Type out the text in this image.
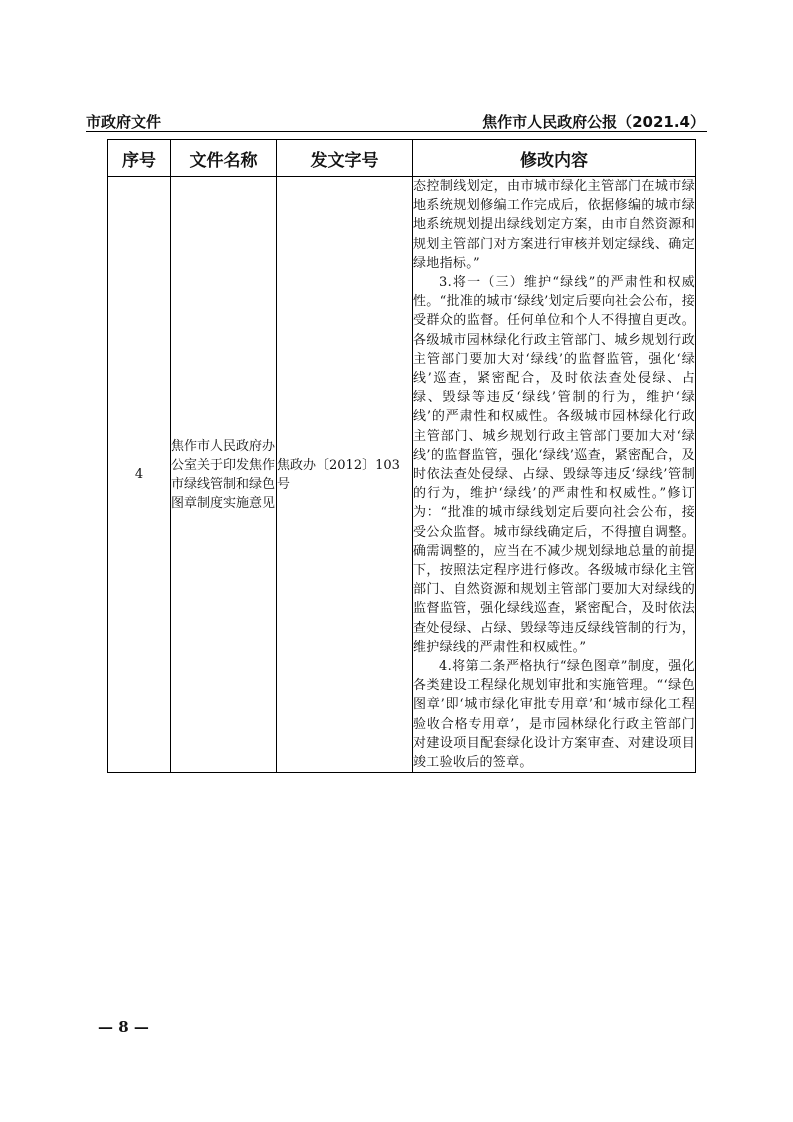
市政府文件	焦作市人民政府公报（2021.4）
序号	文件名称	发文字号	修改内容
4	焦作市人民政府办公室关于印发焦作市绿线管制和绿色图章制度实施意见	焦政办〔2012〕103号	态控制线划定，由市城市绿化主管部门在城市绿地系统规划修编工作完成后，依据修编的城市绿地系统规划提出绿线划定方案，由市自然资源和规划主管部门对方案进行审核并划定绿线、确定绿地指标。”

3.将一（三）维护“绿线”的严肃性和权威性。“批准的城市‘绿线’划定后要向社会公布，接受群众的监督。任何单位和个人不得擅自更改。各级城市园林绿化行政主管部门、城乡规划行政主管部门要加大对‘绿线’的监督监管，强化‘绿线’巡查，紧密配合，及时依法查处侵绿、占绿、毁绿等违反‘绿线’管制的行为，维护‘绿线’的严肃性和权威性。各级城市园林绿化行政主管部门、城乡规划行政主管部门要加大对‘绿线’的监督监管，强化‘绿线’巡查，紧密配合，及时依法查处侵绿、占绿、毁绿等违反‘绿线’管制的行为，维护‘绿线’的严肃性和权威性。”修订为：“批准的城市绿线划定后要向社会公布，接受公众监督。城市绿线确定后，不得擅自调整。确需调整的，应当在不减少规划绿地总量的前提下，按照法定程序进行修改。各级城市绿化主管部门、自然资源和规划主管部门要加大对绿线的监督监管，强化绿线巡查，紧密配合，及时依法查处侵绿、占绿、毁绿等违反绿线管制的行为，维护绿线的严肃性和权威性。”

4.将第二条严格执行“绿色图章”制度，强化各类建设工程绿化规划审批和实施管理。“‘绿色图章’即‘城市绿化审批专用章’和‘城市绿化工程验收合格专用章’，是市园林绿化行政主管部门对建设项目配套绿化设计方案审查、对建设项目竣工验收后的签章。

— 8 —
